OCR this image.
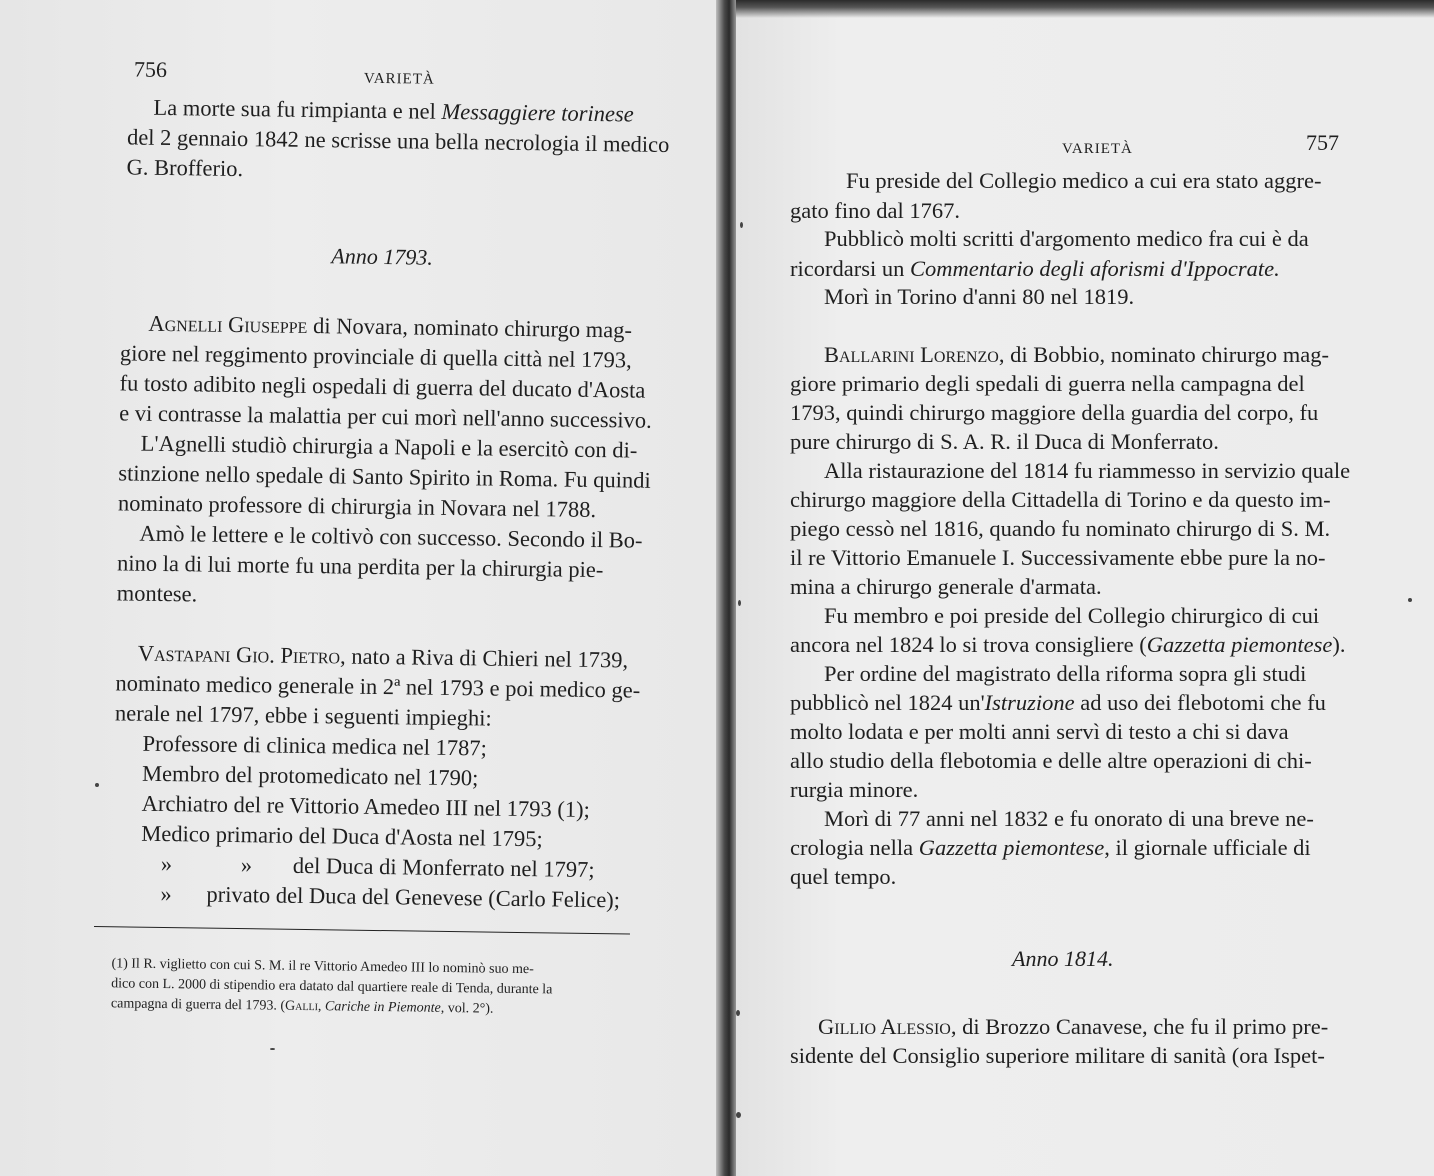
756	VARIETÀ
La morte sua fu rimpianta e nel Messaggiere torinese
del 2 gennaio 1842 ne scrisse una bella necrologia il medico
G. Brofferio.
Anno 1793.
Agnelli Giuseppe di Novara, nominato chirurgo mag-
giore nel reggimento provinciale di quella città nel 1793,
fu tosto adibito negli ospedali di guerra del ducato d'Aosta
e vi contrasse la malattia per cui morì nell'anno successivo.
L'Agnelli studiò chirurgia a Napoli e la esercitò con di-
stinzione nello spedale di Santo Spirito in Roma. Fu quindi
nominato professore di chirurgia in Novara nel 1788.
Amò le lettere e le coltivò con successo. Secondo il Bo-
nino la di lui morte fu una perdita per la chirurgia pie-
montese.
Vastapani Gio. Pietro, nato a Riva di Chieri nel 1739,
nominato medico generale in 2ª nel 1793 e poi medico ge-
nerale nel 1797, ebbe i seguenti impieghi:
Professore di clinica medica nel 1787;
Membro del protomedicato nel 1790;
Archiatro del re Vittorio Amedeo III nel 1793 (1);
Medico primario del Duca d'Aosta nel 1795;
»	» del Duca di Monferrato nel 1797;
» privato del Duca del Genevese (Carlo Felice);
(1) Il R. viglietto con cui S. M. il re Vittorio Amedeo III lo nominò suo me-
dico con L. 2000 di stipendio era datato dal quartiere reale di Tenda, durante la
campagna di guerra del 1793. (Galli, Cariche in Piemonte, vol. 2°).
VARIETÀ	757
Fu preside del Collegio medico a cui era stato aggre-
gato fino dal 1767.
Pubblicò molti scritti d'argomento medico fra cui è da
ricordarsi un Commentario degli aforismi d'Ippocrate.
Morì in Torino d'anni 80 nel 1819.
Ballarini Lorenzo, di Bobbio, nominato chirurgo mag-
giore primario degli spedali di guerra nella campagna del
1793, quindi chirurgo maggiore della guardia del corpo, fu
pure chirurgo di S. A. R. il Duca di Monferrato.
Alla ristaurazione del 1814 fu riammesso in servizio quale
chirurgo maggiore della Cittadella di Torino e da questo im-
piego cessò nel 1816, quando fu nominato chirurgo di S. M.
il re Vittorio Emanuele I. Successivamente ebbe pure la no-
mina a chirurgo generale d'armata.
Fu membro e poi preside del Collegio chirurgico di cui
ancora nel 1824 lo si trova consigliere (Gazzetta piemontese).
Per ordine del magistrato della riforma sopra gli studi
pubblicò nel 1824 un'Istruzione ad uso dei flebotomi che fu
molto lodata e per molti anni servì di testo a chi si dava
allo studio della flebotomia e delle altre operazioni di chi-
rurgia minore.
Morì di 77 anni nel 1832 e fu onorato di una breve ne-
crologia nella Gazzetta piemontese, il giornale ufficiale di
quel tempo.
Anno 1814.
Gillio Alessio, di Brozzo Canavese, che fu il primo pre-
sidente del Consiglio superiore militare di sanità (ora Ispet-
